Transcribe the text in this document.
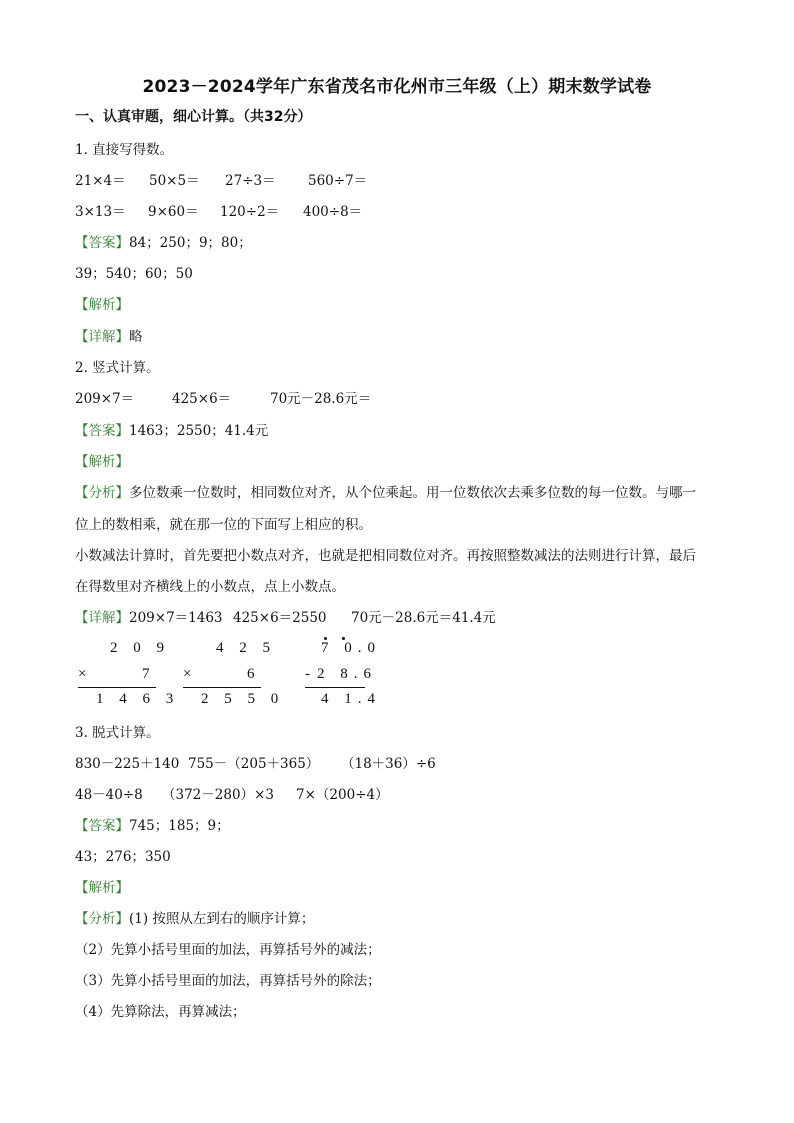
2023－2024学年广东省茂名市化州市三年级（上）期末数学试卷
一、认真审题，细心计算。（共32分）
1. 直接写得数。
21×4＝ 50×5＝ 27÷3＝ 560÷7＝
3×13＝ 9×60＝ 120÷2＝ 400÷8＝
【答案】84；250；9；80；
39；540；60；50
【解析】
【详解】略
2. 竖式计算。
209×7＝	425×6＝	70元－28.6元＝
【答案】1463；2550；41.4元
【解析】
【分析】多位数乘一位数时，相同数位对齐，从个位乘起。用一位数依次去乘多位数的每一位数。与哪一
位上的数相乘，就在那一位的下面写上相应的积。
小数减法计算时，首先要把小数点对齐，也就是把相同数位对齐。再按照整数减法的法则进行计算，最后
在得数里对齐横线上的小数点，点上小数点。
【详解】209×7＝1463 425×6＝2550 70元－28.6元＝41.4元
2 0 9
×	7
1 4 6 3
4 2 5
×	6
2 5 5 0
7 0.0
- 2 8.6
4 1.4
3. 脱式计算。
830－225＋140 755－（205＋365） （18＋36）÷6
48－40÷8 （372－280）×3 7×（200÷4）
【答案】745；185；9；
43；276；350
【解析】
【分析】(1) 按照从左到右的顺序计算；
（2）先算小括号里面的加法，再算括号外的减法；
（3）先算小括号里面的加法，再算括号外的除法；
（4）先算除法，再算减法；
